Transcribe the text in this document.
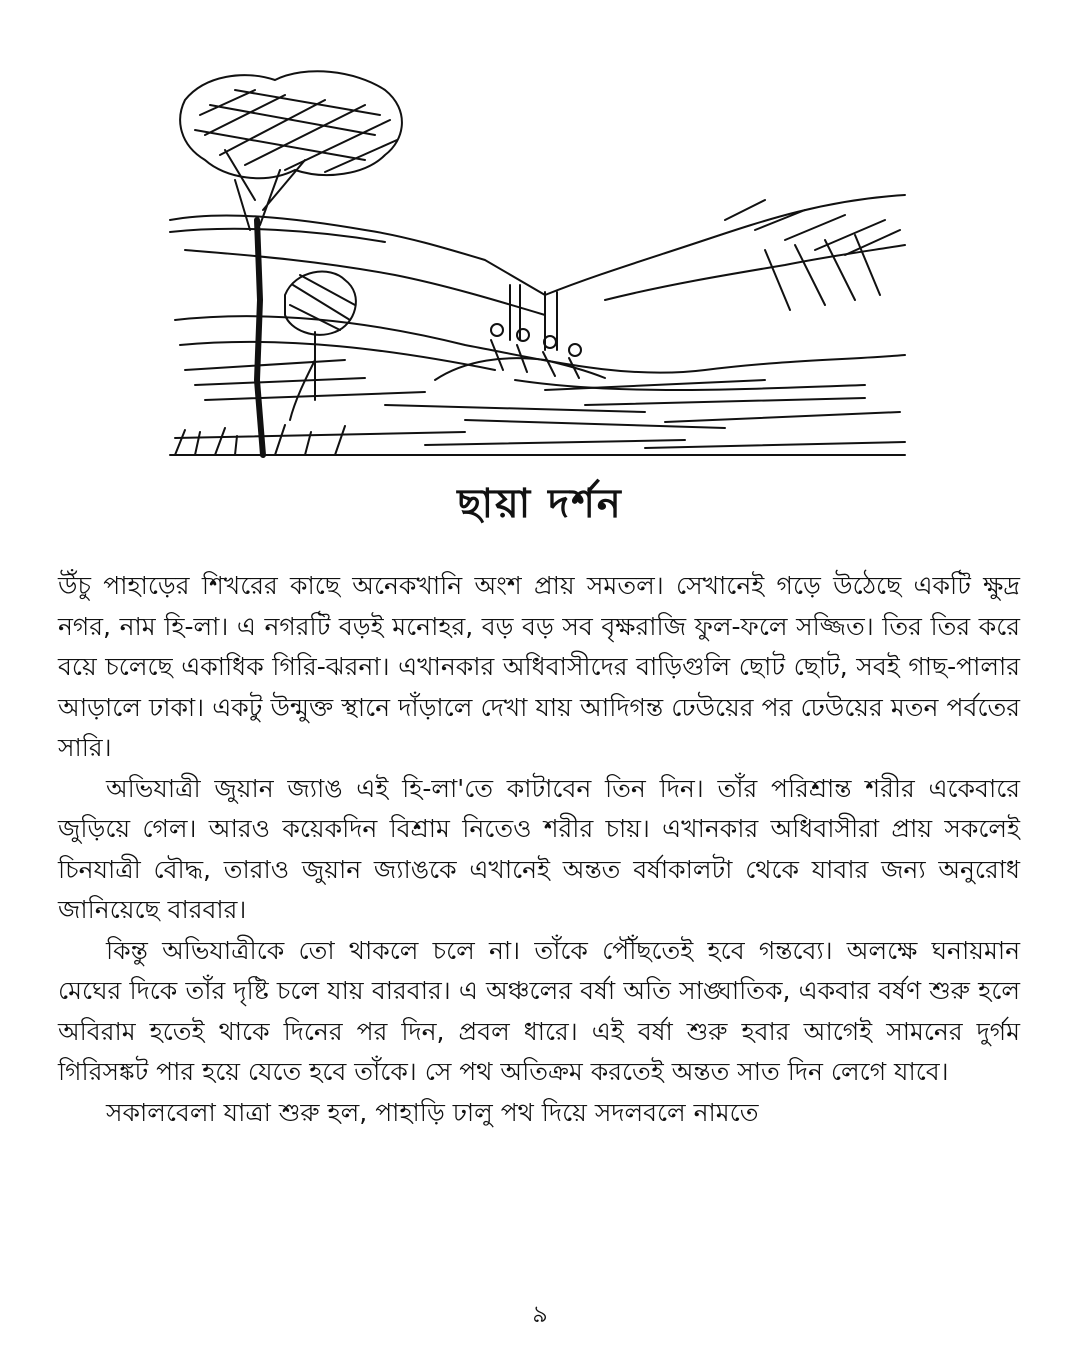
ছায়া দর্শন

উঁচু পাহাড়ের শিখরের কাছে অনেকখানি অংশ প্রায় সমতল। সেখানেই গড়ে উঠেছে একটি ক্ষুদ্র নগর, নাম হি-লা। এ নগরটি বড়ই মনোহর, বড় বড় সব বৃক্ষরাজি ফুল-ফলে সজ্জিত। তির তির করে বয়ে চলেছে একাধিক গিরি-ঝরনা। এখানকার অধিবাসীদের বাড়িগুলি ছোট ছোট, সবই গাছ-পালার আড়ালে ঢাকা। একটু উন্মুক্ত স্থানে দাঁড়ালে দেখা যায় আদিগন্ত ঢেউয়ের পর ঢেউয়ের মতন পর্বতের সারি।

অভিযাত্রী জুয়ান জ্যাঙ এই হি-লা'তে কাটাবেন তিন দিন। তাঁর পরিশ্রান্ত শরীর একেবারে জুড়িয়ে গেল। আরও কয়েকদিন বিশ্রাম নিতেও শরীর চায়। এখানকার অধিবাসীরা প্রায় সকলেই চিনযাত্রী বৌদ্ধ, তারাও জুয়ান জ্যাঙকে এখানেই অন্তত বর্ষাকালটা থেকে যাবার জন্য অনুরোধ জানিয়েছে বারবার।

কিন্তু অভিযাত্রীকে তো থাকলে চলে না। তাঁকে পৌঁছতেই হবে গন্তব্যে। অলক্ষে ঘনায়মান মেঘের দিকে তাঁর দৃষ্টি চলে যায় বারবার। এ অঞ্চলের বর্ষা অতি সাঙ্ঘাতিক, একবার বর্ষণ শুরু হলে অবিরাম হতেই থাকে দিনের পর দিন, প্রবল ধারে। এই বর্ষা শুরু হবার আগেই সামনের দুর্গম গিরিসঙ্কট পার হয়ে যেতে হবে তাঁকে। সে পথ অতিক্রম করতেই অন্তত সাত দিন লেগে যাবে।

সকালবেলা যাত্রা শুরু হল, পাহাড়ি ঢালু পথ দিয়ে সদলবলে নামতে

৯
